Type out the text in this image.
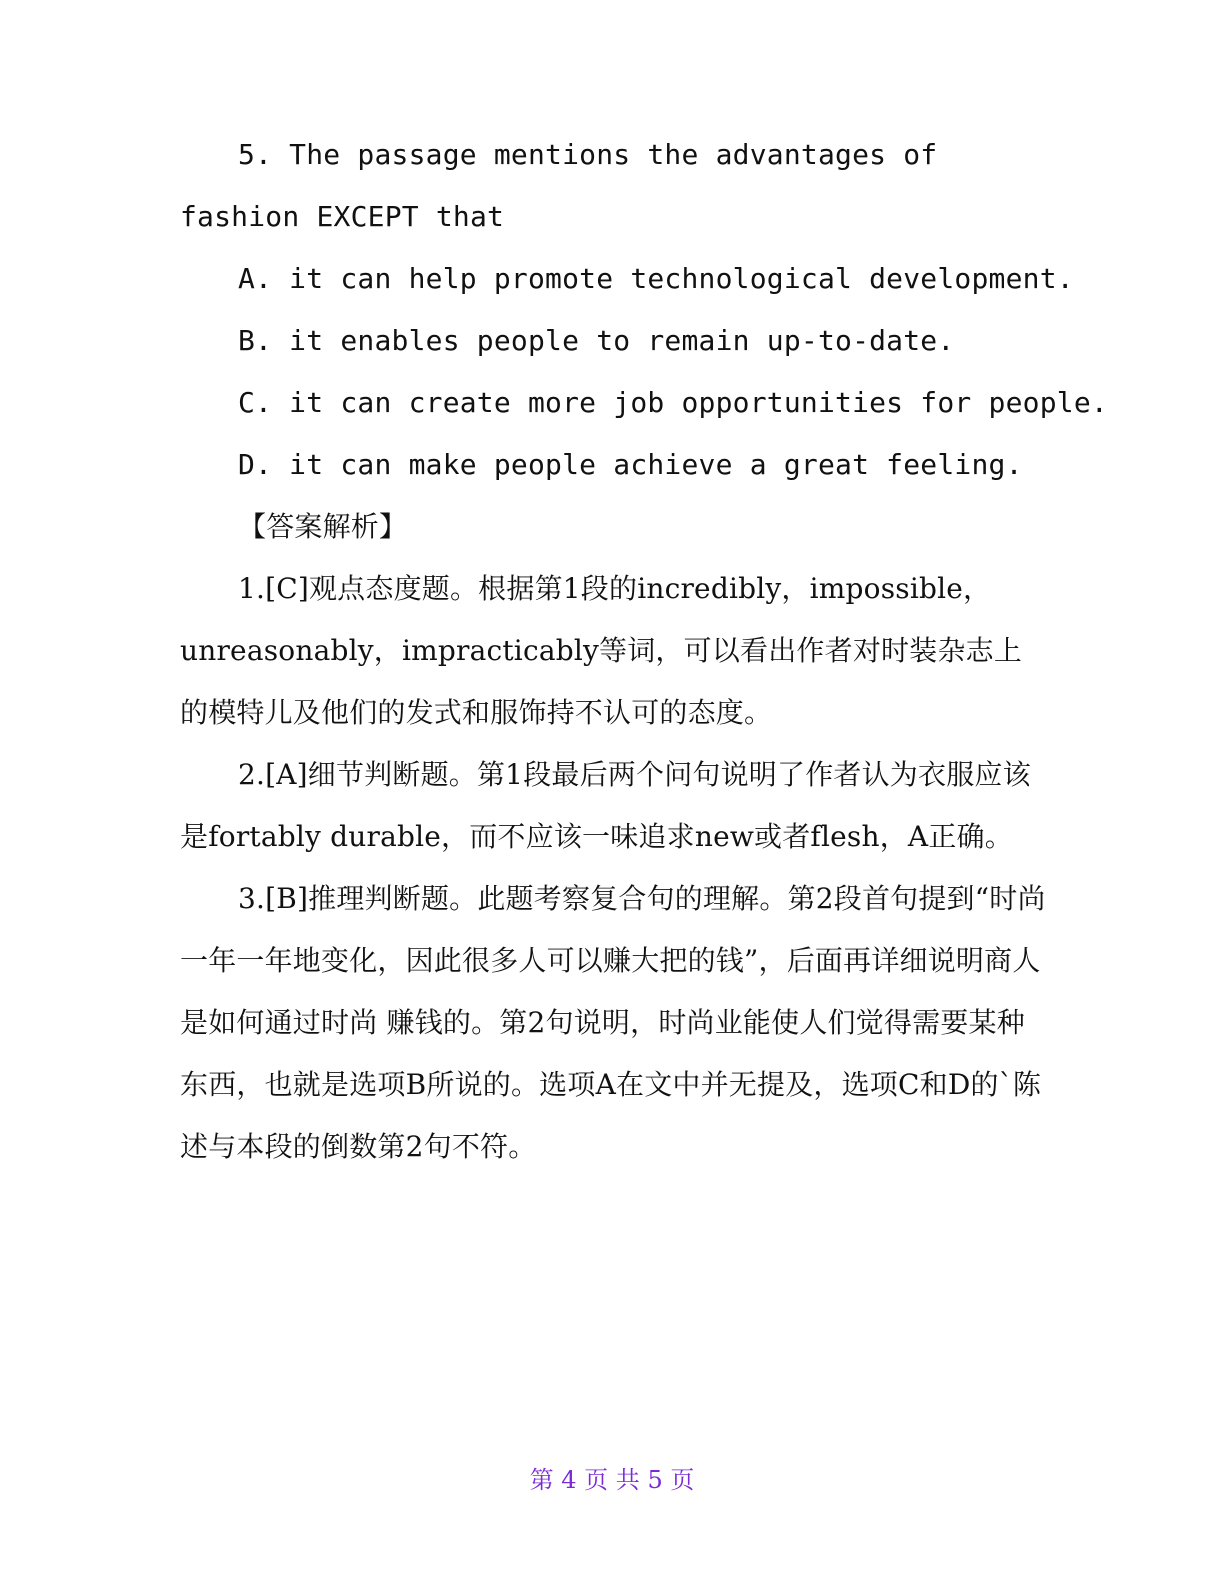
5. The passage mentions the advantages of fashion EXCEPT that

A. it can help promote technological development.

B. it enables people to remain up-to-date.

C. it can create more job opportunities for people.

D. it can make people achieve a great feeling.

【答案解析】

1.[C]观点态度题。根据第1段的incredibly，impossible，unreasonably，impracticably等词，可以看出作者对时装杂志上的模特儿及他们的发式和服饰持不认可的态度。

2.[A]细节判断题。第1段最后两个问句说明了作者认为衣服应该是fortably durable，而不应该一味追求new或者flesh，A正确。

3.[B]推理判断题。此题考察复合句的理解。第2段首句提到“时尚一年一年地变化，因此很多人可以赚大把的钱”，后面再详细说明商人是如何通过时尚 赚钱的。第2句说明，时尚业能使人们觉得需要某种东西，也就是选项B所说的。选项A在文中并无提及，选项C和D的`陈述与本段的倒数第2句不符。

第 4 页 共 5 页
